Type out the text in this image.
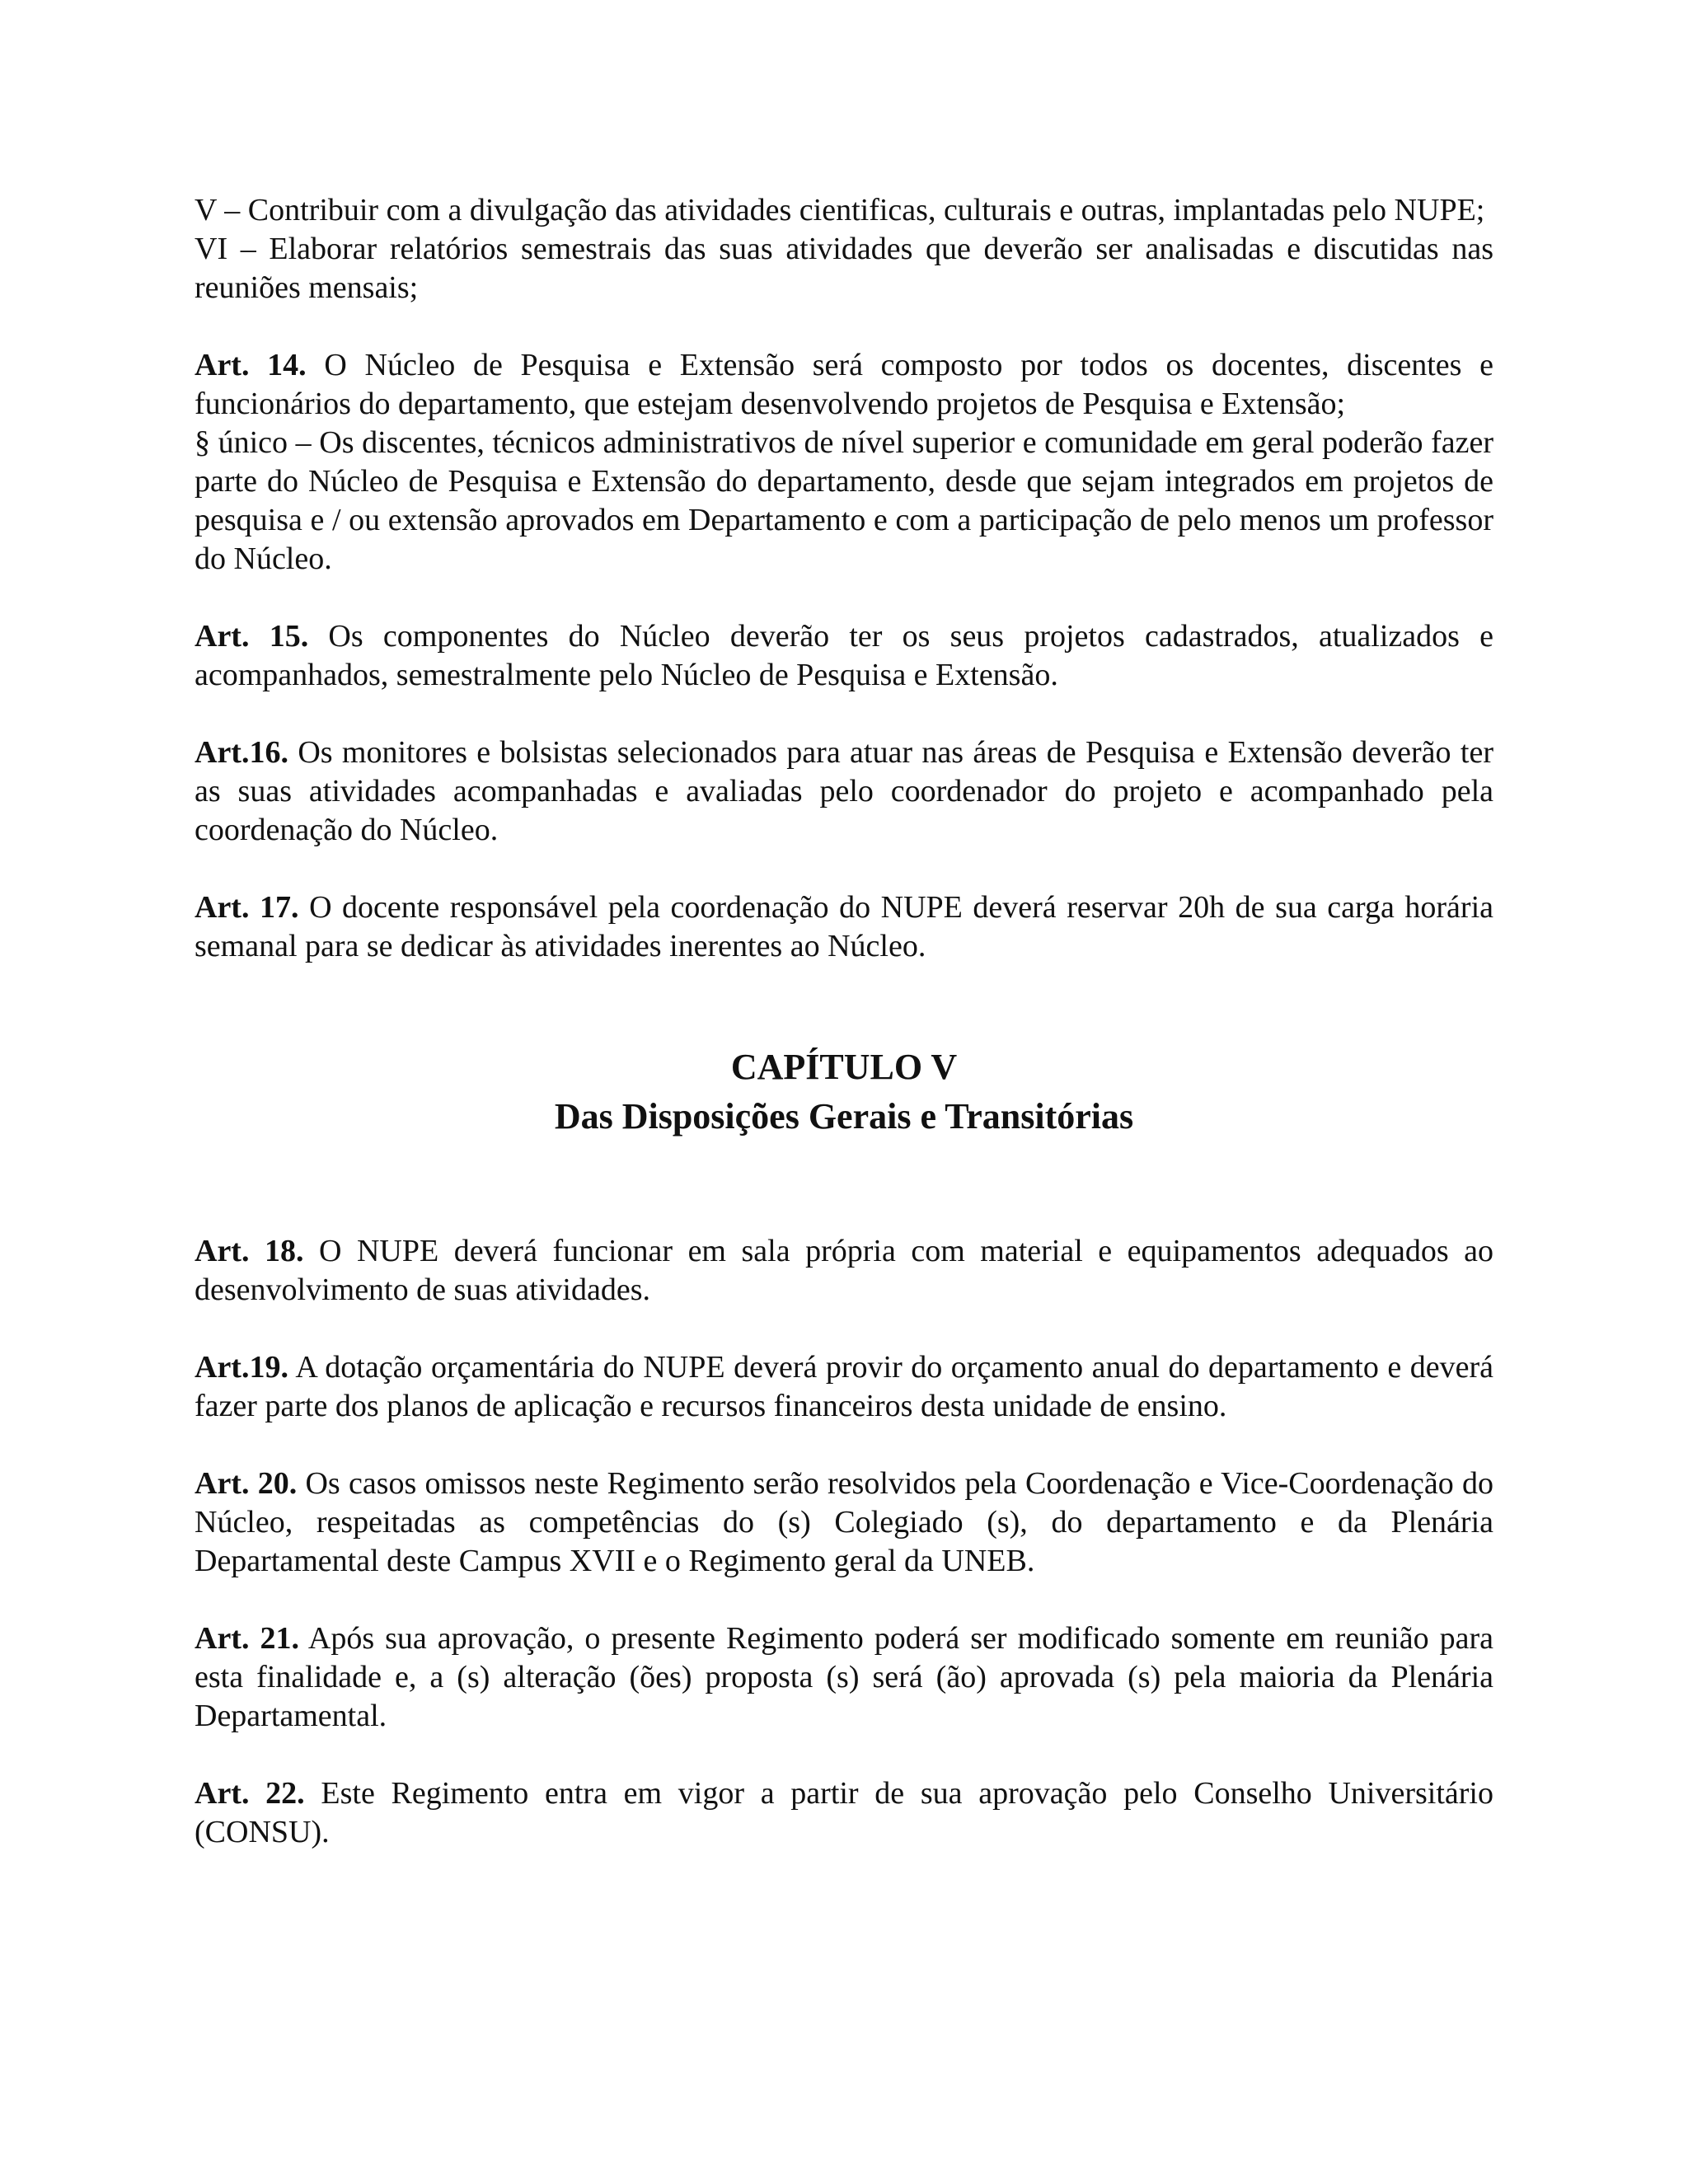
V – Contribuir com a divulgação das atividades cientificas, culturais e outras, implantadas pelo NUPE;

VI – Elaborar relatórios semestrais das suas atividades que deverão ser analisadas e discutidas nas reuniões mensais;

Art. 14. O Núcleo de Pesquisa e Extensão será composto por todos os docentes, discentes e funcionários do departamento, que estejam desenvolvendo projetos de Pesquisa e Extensão;

§ único – Os discentes, técnicos administrativos de nível superior e comunidade em geral poderão fazer parte do Núcleo de Pesquisa e Extensão do departamento, desde que sejam integrados em projetos de pesquisa e / ou extensão aprovados em Departamento e com a participação de pelo menos um professor do Núcleo.

Art. 15. Os componentes do Núcleo deverão ter os seus projetos cadastrados, atualizados e acompanhados, semestralmente pelo Núcleo de Pesquisa e Extensão.

Art.16. Os monitores e bolsistas selecionados para atuar nas áreas de Pesquisa e Extensão deverão ter as suas atividades acompanhadas e avaliadas pelo coordenador do projeto e acompanhado pela coordenação do Núcleo.

Art. 17. O docente responsável pela coordenação do NUPE deverá reservar 20h de sua carga horária semanal para se dedicar às atividades inerentes ao Núcleo.

CAPÍTULO V
Das Disposições Gerais e Transitórias

Art. 18. O NUPE deverá funcionar em sala própria com material e equipamentos adequados ao desenvolvimento de suas atividades.

Art.19. A dotação orçamentária do NUPE deverá provir do orçamento anual do departamento e deverá fazer parte dos planos de aplicação e recursos financeiros desta unidade de ensino.

Art. 20. Os casos omissos neste Regimento serão resolvidos pela Coordenação e Vice-Coordenação do Núcleo, respeitadas as competências do (s) Colegiado (s), do departamento e da Plenária Departamental deste Campus XVII e o Regimento geral da UNEB.

Art. 21. Após sua aprovação, o presente Regimento poderá ser modificado somente em reunião para esta finalidade e, a (s) alteração (ões) proposta (s) será (ão) aprovada (s) pela maioria da Plenária Departamental.

Art. 22. Este Regimento entra em vigor a partir de sua aprovação pelo Conselho Universitário (CONSU).
